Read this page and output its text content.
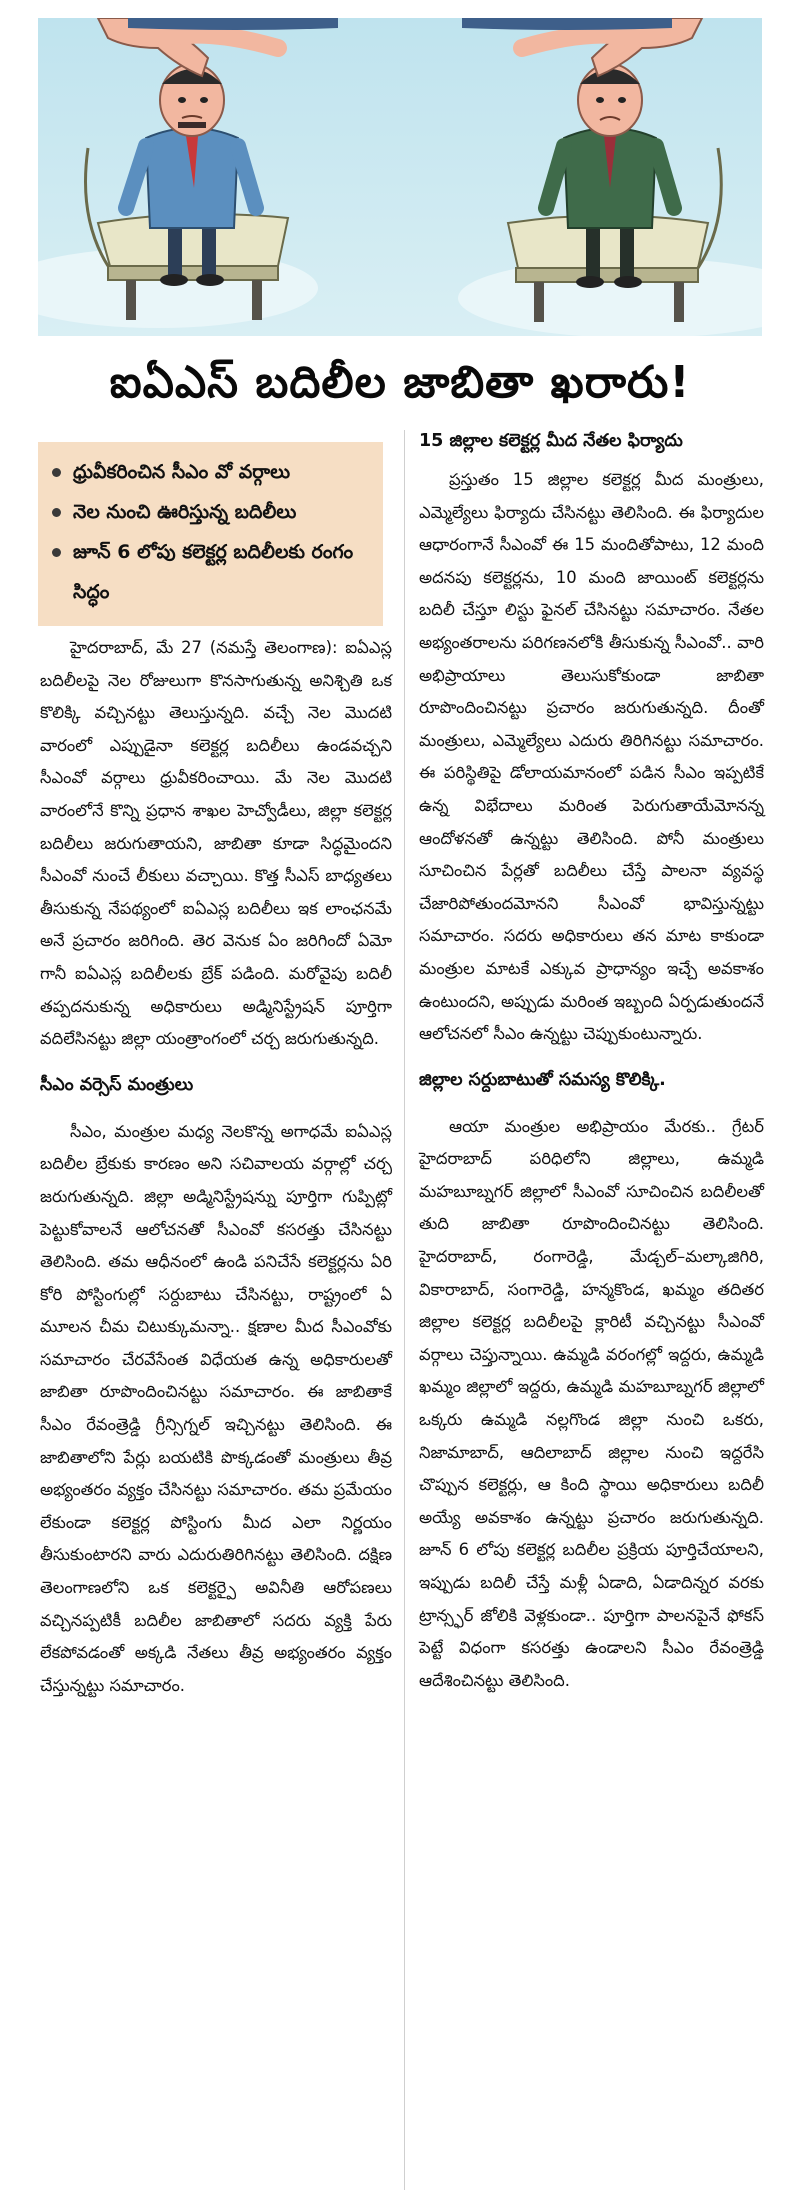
ఐఏఎస్ బదిలీల జాబితా ఖరారు!
ధ్రువీకరించిన సీఎం వో వర్గాలు
నెల నుంచి ఊరిస్తున్న బదిలీలు
జూన్ 6 లోపు కలెక్టర్ల బదిలీలకు రంగం సిద్ధం

హైదరాబాద్, మే 27 (నమస్తే తెలంగాణ): ఐఏఎస్ల బదిలీలపై నెల రోజులుగా కొనసాగుతున్న అనిశ్చితి ఒక కొలిక్కి వచ్చినట్టు తెలుస్తున్నది. వచ్చే నెల మొదటి వారంలో ఎప్పుడైనా కలెక్టర్ల బదిలీలు ఉండవచ్చని సీఎంవో వర్గాలు ధ్రువీకరించాయి. మే నెల మొదటి వారంలోనే కొన్ని ప్రధాన శాఖల హెచ్వోడీలు, జిల్లా కలెక్టర్ల బదిలీలు జరుగుతాయని, జాబితా కూడా సిద్ధమైందని సీఎంవో నుంచే లీకులు వచ్చాయి. కొత్త సీఎస్ బాధ్యతలు తీసుకున్న నేపథ్యంలో ఐఏఎస్ల బదిలీలు ఇక లాంఛనమే అనే ప్రచారం జరిగింది. తెర వెనుక ఏం జరిగిందో ఏమో గానీ ఐఏఎస్ల బదిలీలకు బ్రేక్ పడింది. మరోవైపు బదిలీ తప్పదనుకున్న అధికారులు అడ్మినిస్ట్రేషన్ పూర్తిగా వదిలేసినట్టు జిల్లా యంత్రాంగంలో చర్చ జరుగుతున్నది.

సీఎం వర్సెస్ మంత్రులు

సీఎం, మంత్రుల మధ్య నెలకొన్న అగాధమే ఐఏఎస్ల బదిలీల బ్రేకుకు కారణం అని సచివాలయ వర్గాల్లో చర్చ జరుగుతున్నది. జిల్లా అడ్మినిస్ట్రేషన్ను పూర్తిగా గుప్పిట్లో పెట్టుకోవాలనే ఆలోచనతో సీఎంవో కసరత్తు చేసినట్టు తెలిసింది. తమ ఆధీనంలో ఉండి పనిచేసే కలెక్టర్లను ఏరి కోరి పోస్టింగుల్లో సర్దుబాటు చేసినట్టు, రాష్ట్రంలో ఏ మూలన చీమ చిటుక్కుమన్నా.. క్షణాల మీద సీఎంవోకు సమాచారం చేరవేసేంత విధేయత ఉన్న అధికారులతో జాబితా రూపొందించినట్టు సమాచారం. ఈ జాబితాకే సీఎం రేవంత్రెడ్డి గ్రీన్సిగ్నల్ ఇచ్చినట్టు తెలిసింది. ఈ జాబితాలోని పేర్లు బయటికి పొక్కడంతో మంత్రులు తీవ్ర అభ్యంతరం వ్యక్తం చేసినట్టు సమాచారం. తమ ప్రమేయం లేకుండా కలెక్టర్ల పోస్టింగు మీద ఎలా నిర్ణయం తీసుకుంటారని వారు ఎదురుతిరిగినట్టు తెలిసింది. దక్షిణ తెలంగాణలోని ఒక కలెక్టర్పై అవినీతి ఆరోపణలు వచ్చినప్పటికీ బదిలీల జాబితాలో సదరు వ్యక్తి పేరు లేకపోవడంతో అక్కడి నేతలు తీవ్ర అభ్యంతరం వ్యక్తం చేస్తున్నట్టు సమాచారం.

15 జిల్లాల కలెక్టర్ల మీద నేతల ఫిర్యాదు

ప్రస్తుతం 15 జిల్లాల కలెక్టర్ల మీద మంత్రులు, ఎమ్మెల్యేలు ఫిర్యాదు చేసినట్టు తెలిసింది. ఈ ఫిర్యాదుల ఆధారంగానే సీఎంవో ఈ 15 మందితోపాటు, 12 మంది అదనపు కలెక్టర్లను, 10 మంది జాయింట్ కలెక్టర్లను బదిలీ చేస్తూ లిస్టు ఫైనల్ చేసినట్టు సమాచారం. నేతల అభ్యంతరాలను పరిగణనలోకి తీసుకున్న సీఎంవో.. వారి అభిప్రాయాలు తెలుసుకోకుండా జాబితా రూపొందించినట్టు ప్రచారం జరుగుతున్నది. దీంతో మంత్రులు, ఎమ్మెల్యేలు ఎదురు తిరిగినట్టు సమాచారం. ఈ పరిస్థితిపై డోలాయమానంలో పడిన సీఎం ఇప్పటికే ఉన్న విభేదాలు మరింత పెరుగుతాయేమోనన్న ఆందోళనతో ఉన్నట్టు తెలిసింది. పోనీ మంత్రులు సూచించిన పేర్లతో బదిలీలు చేస్తే పాలనా వ్యవస్థ చేజారిపోతుందమోనని సీఎంవో భావిస్తున్నట్టు సమాచారం. సదరు అధికారులు తన మాట కాకుండా మంత్రుల మాటకే ఎక్కువ ప్రాధాన్యం ఇచ్చే అవకాశం ఉంటుందని, అప్పుడు మరింత ఇబ్బంది ఏర్పడుతుందనే ఆలోచనలో సీఎం ఉన్నట్టు చెప్పుకుంటున్నారు.

జిల్లాల సర్దుబాటుతో సమస్య కొలిక్కి.

ఆయా మంత్రుల అభిప్రాయం మేరకు.. గ్రేటర్ హైదరాబాద్ పరిధిలోని జిల్లాలు, ఉమ్మడి మహబూబ్నగర్ జిల్లాలో సీఎంవో సూచించిన బదిలీలతో తుది జాబితా రూపొందించినట్టు తెలిసింది. హైదరాబాద్, రంగారెడ్డి, మేడ్చల్–మల్కాజిగిరి, వికారాబాద్, సంగారెడ్డి, హన్మకొండ, ఖమ్మం తదితర జిల్లాల కలెక్టర్ల బదిలీలపై క్లారిటీ వచ్చినట్టు సీఎంవో వర్గాలు చెప్తున్నాయి. ఉమ్మడి వరంగల్లో ఇద్దరు, ఉమ్మడి ఖమ్మం జిల్లాలో ఇద్దరు, ఉమ్మడి మహబూబ్నగర్ జిల్లాలో ఒక్కరు ఉమ్మడి నల్లగొండ జిల్లా నుంచి ఒకరు, నిజామాబాద్, ఆదిలాబాద్ జిల్లాల నుంచి ఇద్దరేసి చొప్పున కలెక్టర్లు, ఆ కింది స్థాయి అధికారులు బదిలీ అయ్యే అవకాశం ఉన్నట్టు ప్రచారం జరుగుతున్నది. జూన్ 6 లోపు కలెక్టర్ల బదిలీల ప్రక్రియ పూర్తిచేయాలని, ఇప్పుడు బదిలీ చేస్తే మళ్లీ ఏడాది, ఏడాదిన్నర వరకు ట్రాన్స్ఫర్ జోలికి వెళ్లకుండా.. పూర్తిగా పాలనపైనే ఫోకస్ పెట్టే విధంగా కసరత్తు ఉండాలని సీఎం రేవంత్రెడ్డి ఆదేశించినట్టు తెలిసింది.
